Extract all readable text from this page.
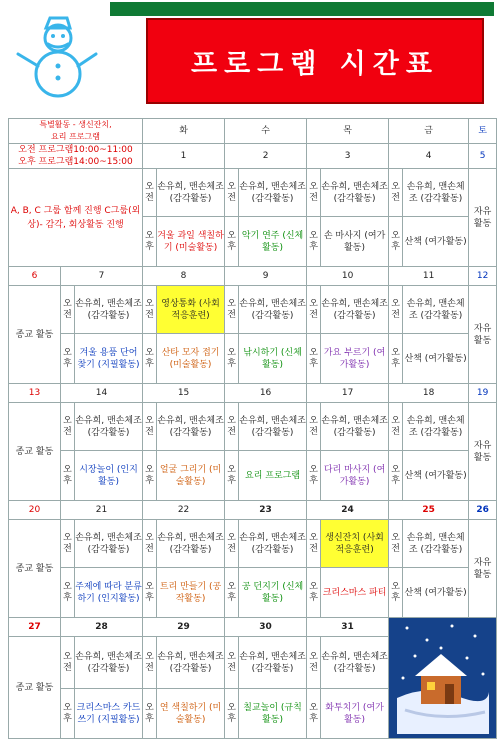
프로그램 시간표
특별활동 - 생신잔치,
요리 프로그램			화		수		목		금		토
오전 프로그램10:00~11:00
오후 프로그램14:00~15:00			1		2		3		4		5
A, B, C 그룹 함께 진행 C그룹(외상)- 감각, 회상활동 진행			오 전	손유희, 맨손체조 (감각활동)	오 전	손유희, 맨손체조 (감각활동)	오 전	손유희, 맨손체조 (감각활동)	오 전	손유희, 맨손체조 (감각활동)	자유 활동
			오 후	겨울 과일 색칠하기 (미술활동)	오 후	악기 연주 (신체활동)	오 후	손 마사지 (여가활동)	오 후	산책 (여가활동)	
6	7		8		9		10		11		12
종교 활동	오 전	손유희, 맨손체조 (감각활동)	오 전	영상통화 (사회적응훈련)	오 전	손유희, 맨손체조 (감각활동)	오 전	손유희, 맨손체조 (감각활동)	오 전	손유희, 맨손체조 (감각활동)	자유 활동
	오 후	겨울 용품 단어 찾기 (지필활동)	오 후	산타 모자 접기 (미술활동)	오 후	낚시하기 (신체활동)	오 후	가요 부르기 (여가활동)	오 후	산책 (여가활동)	
13	14		15		16		17		18		19
종교 활동	오 전	손유희, 맨손체조 (감각활동)	오 전	손유희, 맨손체조 (감각활동)	오 전	손유희, 맨손체조 (감각활동)	오 전	손유희, 맨손체조 (감각활동)	오 전	손유희, 맨손체조 (감각활동)	자유 활동
	오 후	시장놀이 (인지활동)	오 후	얼굴 그리기 (미술활동)	오 후	요리 프로그램	오 후	다리 마사지 (여가활동)	오 후	산책 (여가활동)	
20	21		22		23		24		25		26
종교 활동	오 전	손유희, 맨손체조 (감각활동)	오 전	손유희, 맨손체조 (감각활동)	오 전	손유희, 맨손체조 (감각활동)	오 전	생신잔치 (사회적응훈련)	오 전	손유희, 맨손체조 (감각활동)	자유 활동
	오 후	주제에 따라 분류하기 (인지활동)	오 후	트리 만들기 (공작활동)	오 후	공 던지기 (신체활동)	오 후	크리스마스 파티	오 후	산책 (여가활동)	
27	28		29		30		31	
종교 활동	오 전	손유희, 맨손체조 (감각활동)	오 전	손유희, 맨손체조 (감각활동)	오 전	손유희, 맨손체조 (감각활동)	오 전	손유희, 맨손체조 (감각활동)			
	오 후	크리스마스 카드 쓰기 (지필활동)	오 후	연 색칠하기 (미술활동)	오 후	칠교놀이 (규칙활동)	오 후	화투치기 (여가활동)			
